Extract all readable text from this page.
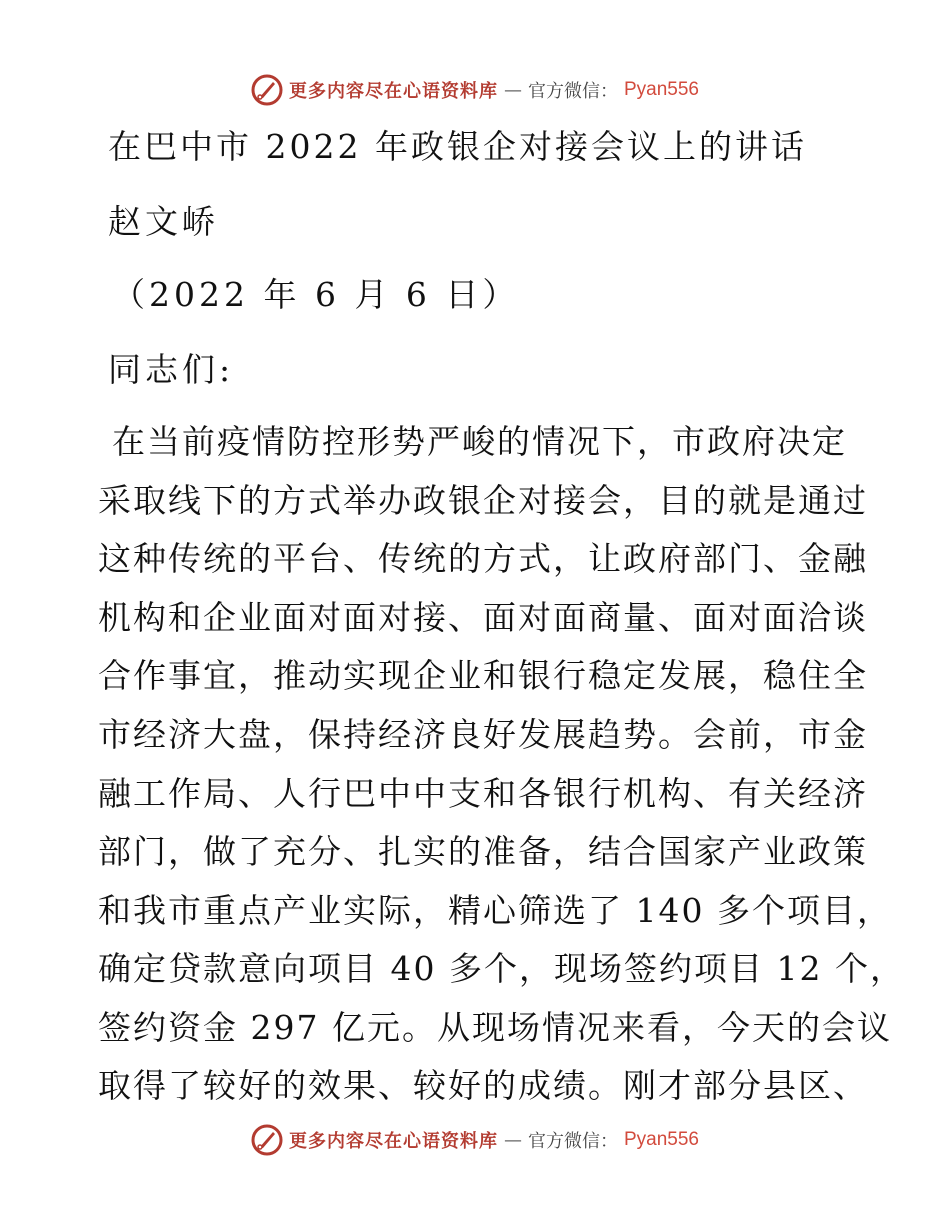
更多内容尽在心语资料库 — 官方微信： Pyan556
在巴中市 2022 年政银企对接会议上的讲话
赵文峤
（2022 年 6 月 6 日）
同志们:
在当前疫情防控形势严峻的情况下，市政府决定
采取线下的方式举办政银企对接会，目的就是通过
这种传统的平台、传统的方式，让政府部门、金融
机构和企业面对面对接、面对面商量、面对面洽谈
合作事宜，推动实现企业和银行稳定发展，稳住全
市经济大盘，保持经济良好发展趋势。会前，市金
融工作局、人行巴中中支和各银行机构、有关经济
部门，做了充分、扎实的准备，结合国家产业政策
和我市重点产业实际，精心筛选了 140 多个项目，
确定贷款意向项目 40 多个，现场签约项目 12 个，
签约资金 297 亿元。从现场情况来看，今天的会议
取得了较好的效果、较好的成绩。刚才部分县区、
更多内容尽在心语资料库 — 官方微信： Pyan556
